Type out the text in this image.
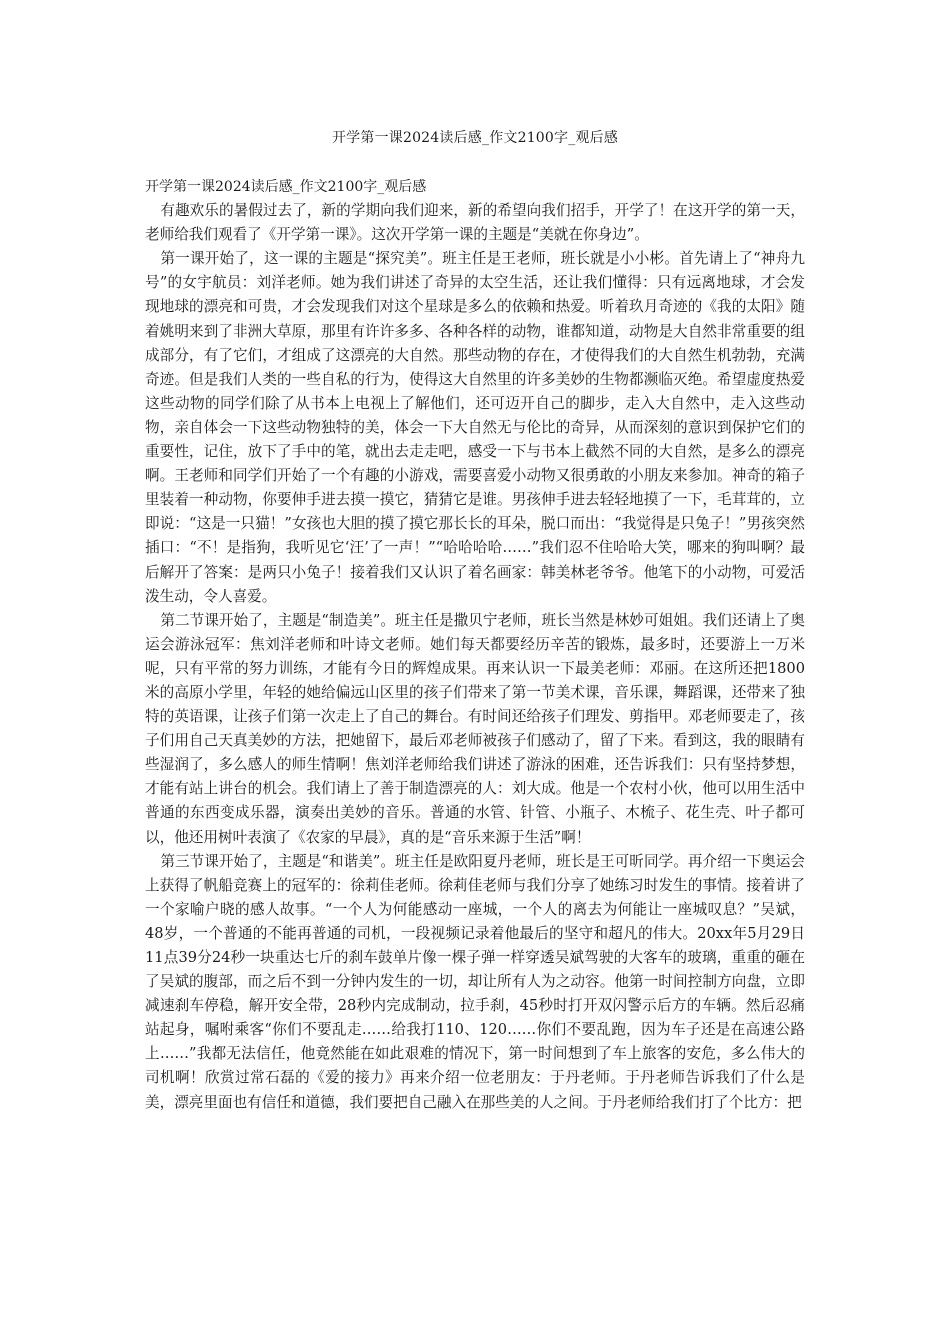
开学第一课2024读后感_作文2100字_观后感

开学第一课2024读后感_作文2100字_观后感

有趣欢乐的暑假过去了，新的学期向我们迎来，新的希望向我们招手，开学了！在这开学的第一天，老师给我们观看了《开学第一课》。这次开学第一课的主题是“美就在你身边”。

第一课开始了，这一课的主题是“探究美”。班主任是王老师，班长就是小小彬。首先请上了“神舟九号”的女宇航员：刘洋老师。她为我们讲述了奇异的太空生活，还让我们懂得：只有远离地球，才会发现地球的漂亮和可贵，才会发现我们对这个星球是多么的依赖和热爱。听着玖月奇迹的《我的太阳》随着姚明来到了非洲大草原，那里有许许多多、各种各样的动物，谁都知道，动物是大自然非常重要的组成部分，有了它们，才组成了这漂亮的大自然。那些动物的存在，才使得我们的大自然生机勃勃，充满奇迹。但是我们人类的一些自私的行为，使得这大自然里的许多美妙的生物都濒临灭绝。希望虚度热爱这些动物的同学们除了从书本上电视上了解他们，还可迈开自己的脚步，走入大自然中，走入这些动物，亲自体会一下这些动物独特的美，体会一下大自然无与伦比的奇异，从而深刻的意识到保护它们的重要性，记住，放下了手中的笔，就出去走走吧，感受一下与书本上截然不同的大自然，是多么的漂亮啊。王老师和同学们开始了一个有趣的小游戏，需要喜爱小动物又很勇敢的小朋友来参加。神奇的箱子里装着一种动物，你要伸手进去摸一摸它，猜猜它是谁。男孩伸手进去轻轻地摸了一下，毛茸茸的，立即说：“这是一只猫！”女孩也大胆的摸了摸它那长长的耳朵，脱口而出：“我觉得是只兔子！”男孩突然插口：“不！是指狗，我听见它‘汪’了一声！”“哈哈哈哈……”我们忍不住哈哈大笑，哪来的狗叫啊？最后解开了答案：是两只小兔子！接着我们又认识了着名画家：韩美林老爷爷。他笔下的小动物，可爱活泼生动，令人喜爱。

第二节课开始了，主题是“制造美”。班主任是撒贝宁老师，班长当然是林妙可姐姐。我们还请上了奥运会游泳冠军：焦刘洋老师和叶诗文老师。她们每天都要经历辛苦的锻炼，最多时，还要游上一万米呢，只有平常的努力训练，才能有今日的辉煌成果。再来认识一下最美老师：邓丽。在这所还把1800米的高原小学里，年轻的她给偏远山区里的孩子们带来了第一节美术课，音乐课，舞蹈课，还带来了独特的英语课，让孩子们第一次走上了自己的舞台。有时间还给孩子们理发、剪指甲。邓老师要走了，孩子们用自己天真美妙的方法，把她留下，最后邓老师被孩子们感动了，留了下来。看到这，我的眼睛有些湿润了，多么感人的师生情啊！焦刘洋老师给我们讲述了游泳的困难，还告诉我们：只有坚持梦想，才能有站上讲台的机会。我们请上了善于制造漂亮的人：刘大成。他是一个农村小伙，他可以用生活中普通的东西变成乐器，演奏出美妙的音乐。普通的水管、针管、小瓶子、木梳子、花生壳、叶子都可以，他还用树叶表演了《农家的早晨》，真的是“音乐来源于生活”啊！

第三节课开始了，主题是“和谐美”。班主任是欧阳夏丹老师，班长是王可昕同学。再介绍一下奥运会上获得了帆船竞赛上的冠军的：徐莉佳老师。徐莉佳老师与我们分享了她练习时发生的事情。接着讲了一个家喻户晓的感人故事。“一个人为何能感动一座城，一个人的离去为何能让一座城叹息？”吴斌，48岁，一个普通的不能再普通的司机，一段视频记录着他最后的坚守和超凡的伟大。20xx年5月29日11点39分24秒一块重达七斤的刹车鼓单片像一棵子弹一样穿透吴斌驾驶的大客车的玻璃，重重的砸在了吴斌的腹部，而之后不到一分钟内发生的一切，却让所有人为之动容。他第一时间控制方向盘，立即减速刹车停稳，解开安全带，28秒内完成制动，拉手刹，45秒时打开双闪警示后方的车辆。然后忍痛站起身，嘱咐乘客“你们不要乱走……给我打110、120……你们不要乱跑，因为车子还是在高速公路上……”我都无法信任，他竟然能在如此艰难的情况下，第一时间想到了车上旅客的安危，多么伟大的司机啊！欣赏过常石磊的《爱的接力》再来介绍一位老朋友：于丹老师。于丹老师告诉我们了什么是美，漂亮里面也有信任和道德，我们要把自己融入在那些美的人之间。于丹老师给我们打了个比方：把
